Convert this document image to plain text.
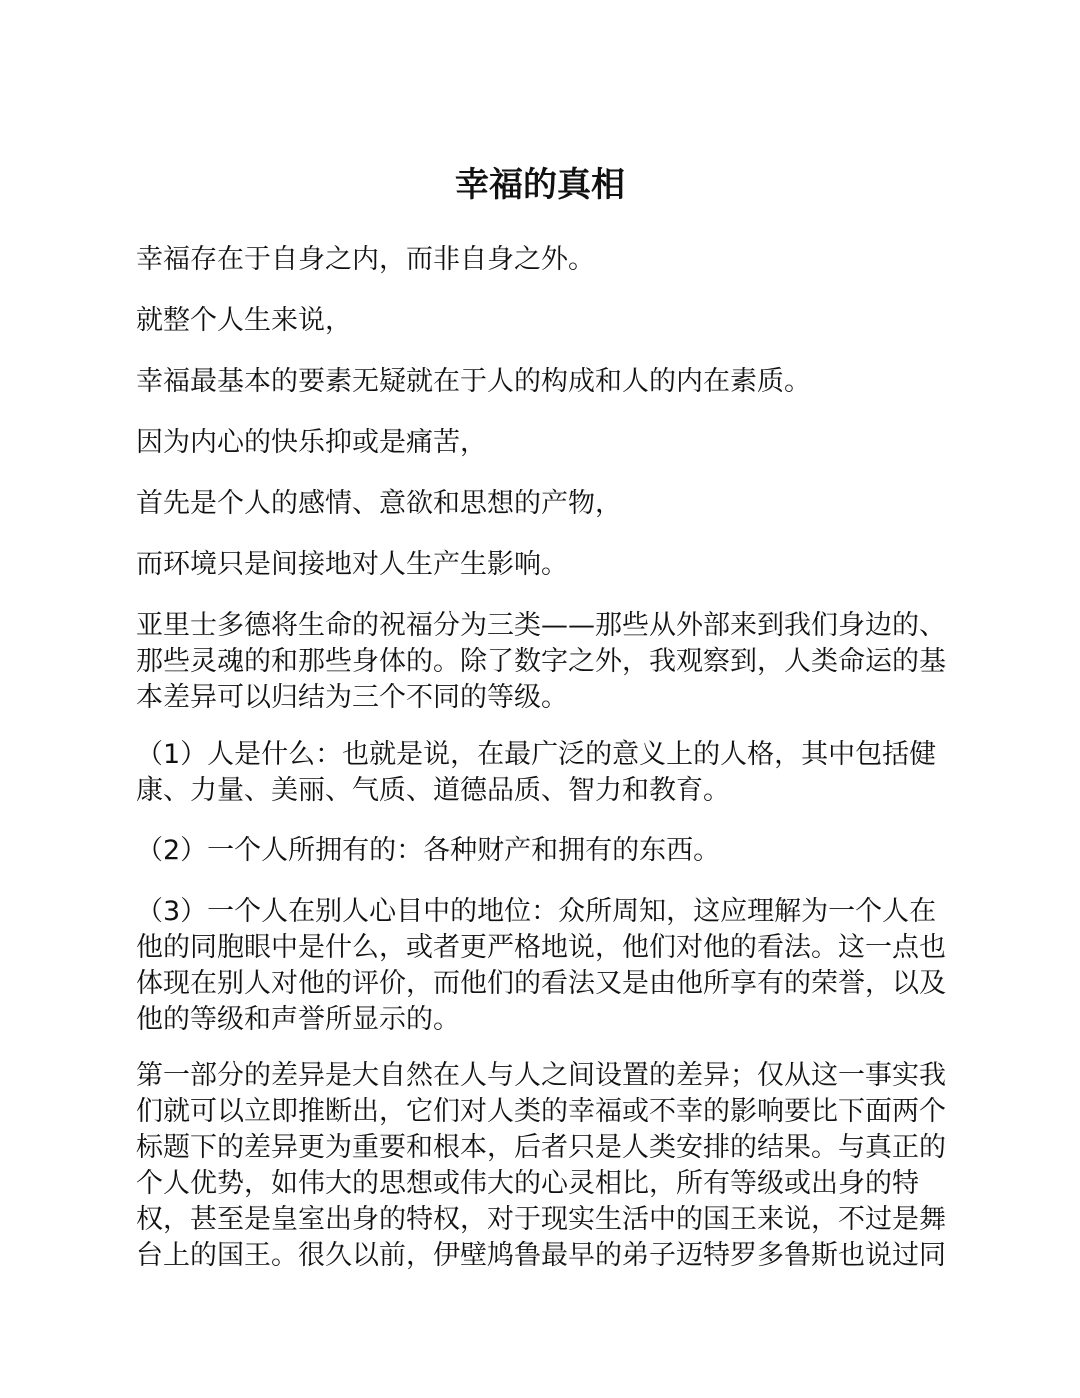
幸福的真相

幸福存在于自身之内，而非自身之外。

就整个人生来说，

幸福最基本的要素无疑就在于人的构成和人的内在素质。

因为内心的快乐抑或是痛苦，

首先是个人的感情、意欲和思想的产物，

而环境只是间接地对人生产生影响。

亚里士多德将生命的祝福分为三类——那些从外部来到我们身边的、
那些灵魂的和那些身体的。除了数字之外，我观察到，人类命运的基
本差异可以归结为三个不同的等级。

（1）人是什么：也就是说，在最广泛的意义上的人格，其中包括健
康、力量、美丽、气质、道德品质、智力和教育。

（2）一个人所拥有的：各种财产和拥有的东西。

（3）一个人在别人心目中的地位：众所周知，这应理解为一个人在
他的同胞眼中是什么，或者更严格地说，他们对他的看法。这一点也
体现在别人对他的评价，而他们的看法又是由他所享有的荣誉，以及
他的等级和声誉所显示的。

第一部分的差异是大自然在人与人之间设置的差异；仅从这一事实我
们就可以立即推断出，它们对人类的幸福或不幸的影响要比下面两个
标题下的差异更为重要和根本，后者只是人类安排的结果。与真正的
个人优势，如伟大的思想或伟大的心灵相比，所有等级或出身的特
权，甚至是皇室出身的特权，对于现实生活中的国王来说，不过是舞
台上的国王。很久以前，伊壁鸠鲁最早的弟子迈特罗多鲁斯也说过同
